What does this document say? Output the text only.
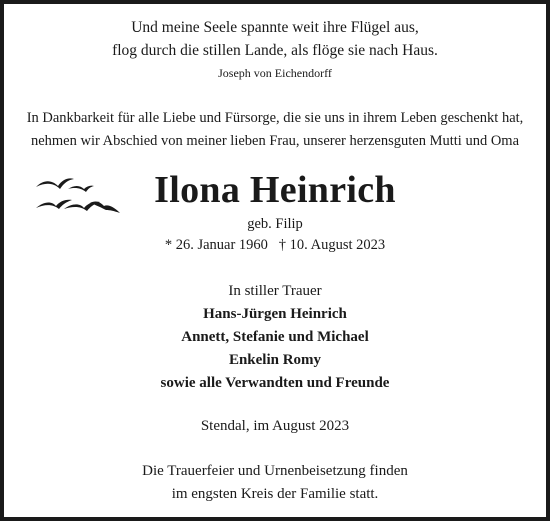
Und meine Seele spannte weit ihre Flügel aus,
flog durch die stillen Lande, als flöge sie nach Haus.
Joseph von Eichendorff
In Dankbarkeit für alle Liebe und Fürsorge, die sie uns in ihrem Leben geschenkt hat,
nehmen wir Abschied von meiner lieben Frau, unserer herzensguten Mutti und Oma
Ilona Heinrich
geb. Filip
* 26. Januar 1960   † 10. August 2023
In stiller Trauer
Hans-Jürgen Heinrich
Annett, Stefanie und Michael
Enkelin Romy
sowie alle Verwandten und Freunde
Stendal, im August 2023
Die Trauerfeier und Urnenbeisetzung finden
im engsten Kreis der Familie statt.
